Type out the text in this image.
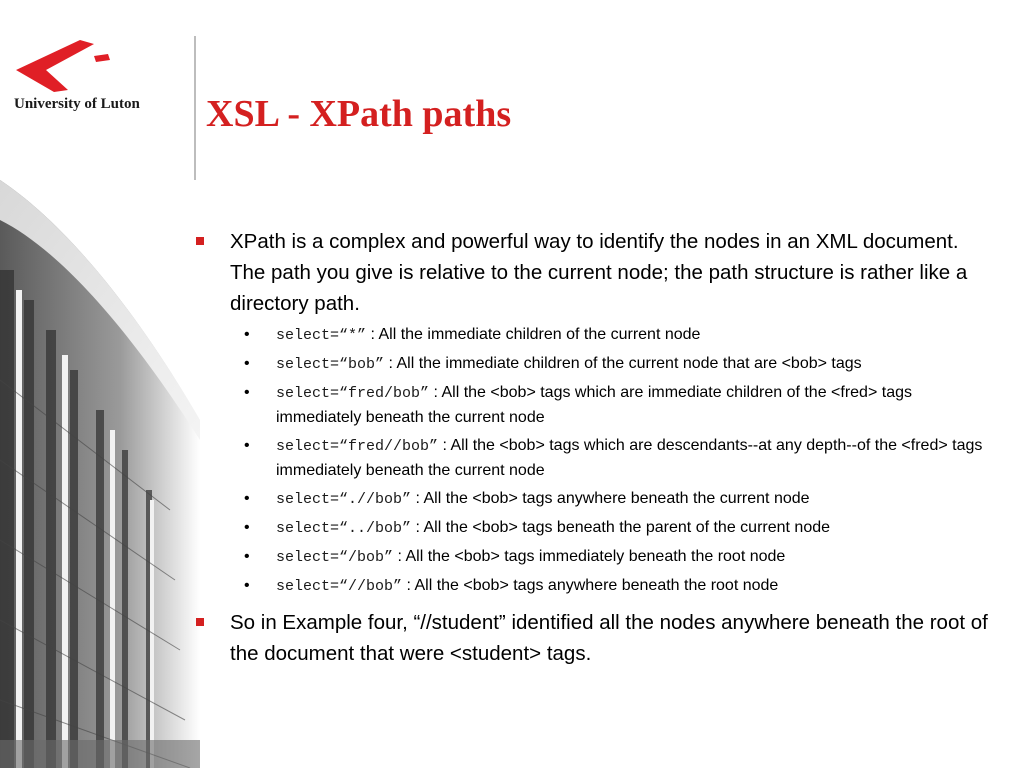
University of Luton XSL - XPath paths
XPath is a complex and powerful way to identify the nodes in an XML document. The path you give is relative to the current node; the path structure is rather like a directory path.
• select=“*” : All the immediate children of the current node
• select=“bob” : All the immediate children of the current node that are <bob> tags
• select=“fred/bob” : All the <bob> tags which are immediate children of the <fred> tags immediately beneath the current node
• select=“fred//bob” : All the <bob> tags which are descendants--at any depth--of the <fred> tags immediately beneath the current node
• select=“.//bob” : All the <bob> tags anywhere beneath the current node
• select=“../bob” : All the <bob> tags beneath the parent of the current node
• select=“/bob” : All the <bob> tags immediately beneath the root node
• select=“//bob” : All the <bob> tags anywhere beneath the root node
So in Example four, “//student” identified all the nodes anywhere beneath the root of the document that were <student> tags.
